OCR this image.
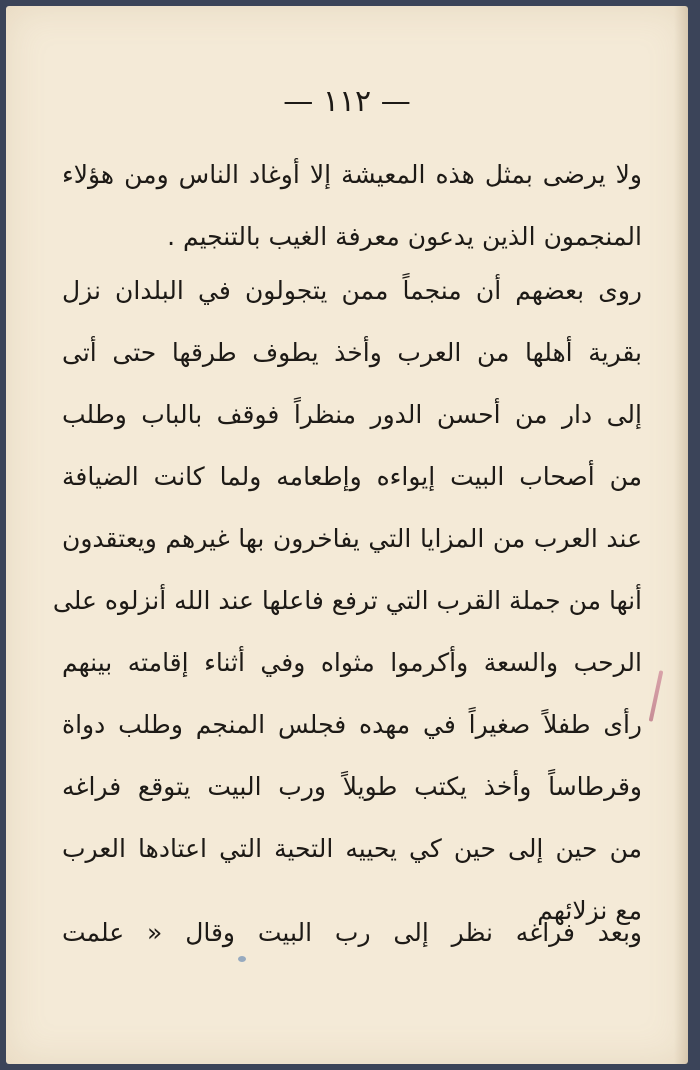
— ١١٢ —
ولا يرضى بمثل هذه المعيشة إلا أوغاد الناس ومن هؤلاء
المنجمون الذين يدعون معرفة الغيب بالتنجيم .
روى بعضهم أن منجماً ممن يتجولون في البلدان نزل
بقرية أهلها من العرب وأخذ يطوف طرقها حتى أتى
إلى دار من أحسن الدور منظراً فوقف بالباب وطلب
من أصحاب البيت إيواءه وإطعامه ولما كانت الضيافة
عند العرب من المزايا التي يفاخرون بها غيرهم ويعتقدون
أنها من جملة القرب التي ترفع فاعلها عند الله أنزلوه على
الرحب والسعة وأكرموا مثواه وفي أثناء إقامته بينهم
رأى طفلاً صغيراً في مهده فجلس المنجم وطلب دواة
وقرطاساً وأخذ يكتب طويلاً ورب البيت يتوقع فراغه
من حين إلى حين كي يحييه التحية التي اعتادها العرب
مع نزلائهم
وبعد فراغه نظر إلى رب البيت وقال « علمت
